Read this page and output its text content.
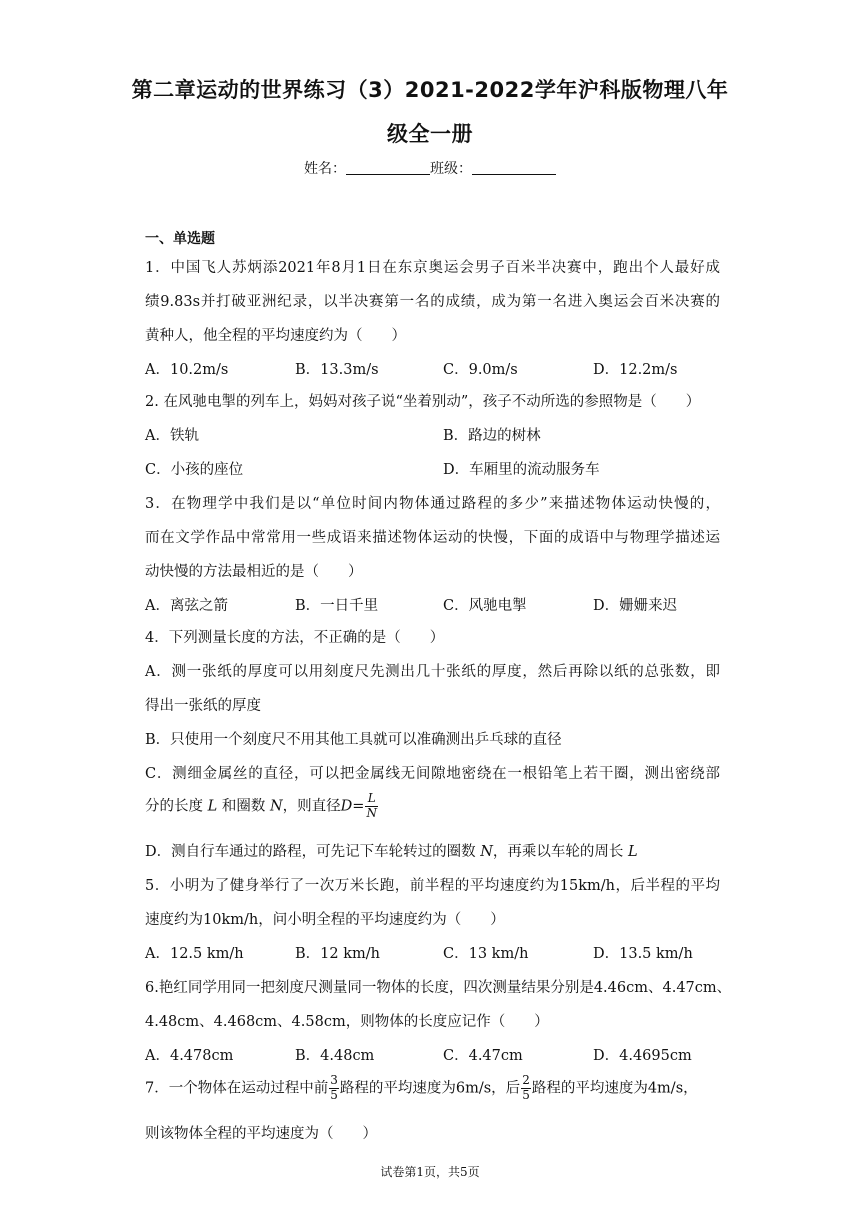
第二章运动的世界练习（3）2021-2022学年沪科版物理八年
级全一册
姓名：	班级：
一、单选题
1．中国飞人苏炳添2021年8月1日在东京奥运会男子百米半决赛中，跑出个人最好成
绩9.83s并打破亚洲纪录，以半决赛第一名的成绩，成为第一名进入奥运会百米决赛的
黄种人，他全程的平均速度约为（　　）
A．10.2m/s	B．13.3m/s	C．9.0m/s	D．12.2m/s
2. 在风驰电掣的列车上，妈妈对孩子说“坐着别动”，孩子不动所选的参照物是（　　）
A．铁轨	B．路边的树林
C．小孩的座位	D．车厢里的流动服务车
3．在物理学中我们是以“单位时间内物体通过路程的多少”来描述物体运动快慢的，
而在文学作品中常常用一些成语来描述物体运动的快慢，下面的成语中与物理学描述运
动快慢的方法最相近的是（　　）
A．离弦之箭	B．一日千里	C．风驰电掣	D．姗姗来迟
4．下列测量长度的方法，不正确的是（　　）
A．测一张纸的厚度可以用刻度尺先测出几十张纸的厚度，然后再除以纸的总张数，即
得出一张纸的厚度
B．只使用一个刻度尺不用其他工具就可以准确测出乒乓球的直径
C．测细金属丝的直径，可以把金属线无间隙地密绕在一根铅笔上若干圈，测出密绕部
分的长度 L 和圈数 N，则直径$D= \frac{L}{N}$
D．测自行车通过的路程，可先记下车轮转过的圈数 N，再乘以车轮的周长 L
5．小明为了健身举行了一次万米长跑，前半程的平均速度约为15km/h，后半程的平均
速度约为10km/h，问小明全程的平均速度约为（　　）
A．12.5 km/h	B．12 km/h	C．13 km/h	D．13.5 km/h
6.艳红同学用同一把刻度尺测量同一物体的长度，四次测量结果分别是4.46cm、4.47cm、
4.48cm、4.468cm、4.58cm，则物体的长度应记作（　　）
A．4.478cm	B．4.48cm	C．4.47cm	D．4.4695cm
7．一个物体在运动过程中前 $\frac{3}{5}$ 路程的平均速度为6m/s，后 $\frac{2}{5}$ 路程的平均速度为4m/s，
则该物体全程的平均速度为（　　）
试卷第1页，共5页
